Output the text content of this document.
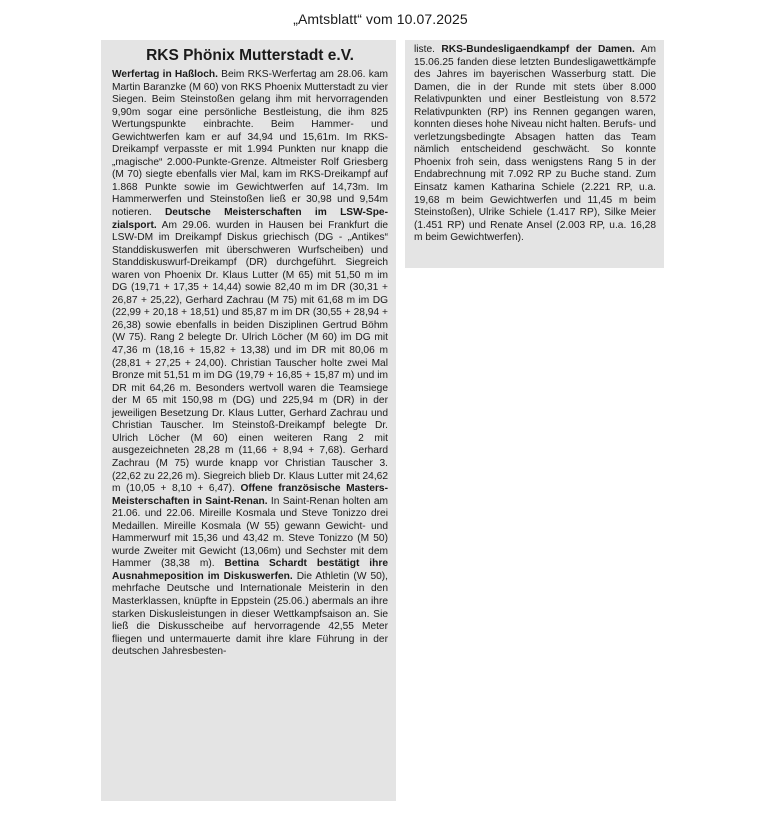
„Amtsblatt“ vom 10.07.2025
RKS Phönix Mutterstadt e.V.

Werfertag in Haßloch. Beim RKS-Werfertag am 28.06. kam Martin Baranzke (M 60) von RKS Phoenix Mutterstadt zu vier Siegen. Beim Steinstoßen gelang ihm mit hervorragenden 9,90m sogar eine persönliche Bestleistung, die ihm 825 Wertungspunkte einbrachte. Beim Hammer- und Gewichtwerfen kam er auf 34,94 und 15,61m. Im RKS-Dreikampf verpasste er mit 1.994 Punkten nur knapp die „magische“ 2.000-Punkte-Grenze. Altmeister Rolf Griesberg (M 70) siegte ebenfalls vier Mal, kam im RKS-Dreikampf auf 1.868 Punkte sowie im Gewichtwerfen auf 14,73m. Im Hammerwerfen und Steinstoßen ließ er 30,98 und 9,54m notieren. Deutsche Meisterschaften im LSW-Spe-zialsport. Am 29.06. wurden in Hausen bei Frankfurt die LSW-DM im Dreikampf Diskus griechisch (DG - „Antikes“ Standdiskuswerfen mit überschweren Wurfscheiben) und Standdiskuswurf-Dreikampf (DR) durchgeführt. Siegreich waren von Phoenix Dr. Klaus Lutter (M 65) mit 51,50 m im DG (19,71 + 17,35 + 14,44) sowie 82,40 m im DR (30,31 + 26,87 + 25,22), Gerhard Zachrau (M 75) mit 61,68 m im DG (22,99 + 20,18 + 18,51) und 85,87 m im DR (30,55 + 28,94 + 26,38) sowie ebenfalls in beiden Disziplinen Gertrud Böhm (W 75). Rang 2 belegte Dr. Ulrich Löcher (M 60) im DG mit 47,36 m (18,16 + 15,82 + 13,38) und im DR mit 80,06 m (28,81 + 27,25 + 24,00). Christian Tauscher holte zwei Mal Bronze mit 51,51 m im DG (19,79 + 16,85 + 15,87 m) und im DR mit 64,26 m. Besonders wertvoll waren die Teamsiege der M 65 mit 150,98 m (DG) und 225,94 m (DR) in der jeweiligen Besetzung Dr. Klaus Lutter, Gerhard Zachrau und Christian Tauscher. Im Steinstoß-Dreikampf belegte Dr. Ulrich Löcher (M 60) einen weiteren Rang 2 mit ausgezeichneten 28,28 m (11,66 + 8,94 + 7,68). Gerhard Zachrau (M 75) wurde knapp vor Christian Tauscher 3. (22,62 zu 22,26 m). Siegreich blieb Dr. Klaus Lutter mit 24,62 m (10,05 + 8,10 + 6,47). Offene französische Masters-Meisterschaften in Saint-Renan. In Saint-Renan holten am 21.06. und 22.06. Mireille Kosmala und Steve Tonizzo drei Medaillen. Mireille Kosmala (W 55) gewann Gewicht- und Hammerwurf mit 15,36 und 43,42 m. Steve Tonizzo (M 50) wurde Zweiter mit Gewicht (13,06m) und Sechster mit dem Hammer (38,38 m). Bettina Schardt bestätigt ihre Ausnahmeposition im Diskuswerfen. Die Athletin (W 50), mehrfache Deutsche und Internationale Meisterin in den Masterklassen, knüpfte in Eppstein (25.06.) abermals an ihre starken Diskusleistungen in dieser Wettkampfsaison an. Sie ließ die Diskusscheibe auf hervorragende 42,55 Meter fliegen und untermauerte damit ihre klare Führung in der deutschen Jahresbesten-

liste. RKS-Bundesligaendkampf der Damen. Am 15.06.25 fanden diese letzten Bundesligawettkämpfe des Jahres im bayerischen Wasserburg statt. Die Damen, die in der Runde mit stets über 8.000 Relativpunkten und einer Bestleistung von 8.572 Relativpunkten (RP) ins Rennen gegangen waren, konnten dieses hohe Niveau nicht halten. Berufs- und verletzungsbedingte Absagen hatten das Team nämlich entscheidend geschwächt. So konnte Phoenix froh sein, dass wenigstens Rang 5 in der Endabrechnung mit 7.092 RP zu Buche stand. Zum Einsatz kamen Katharina Schiele (2.221 RP, u.a. 19,68 m beim Gewichtwerfen und 11,45 m beim Steinstoßen), Ulrike Schiele (1.417 RP), Silke Meier (1.451 RP) und Renate Ansel (2.003 RP, u.a. 16,28 m beim Gewichtwerfen).
